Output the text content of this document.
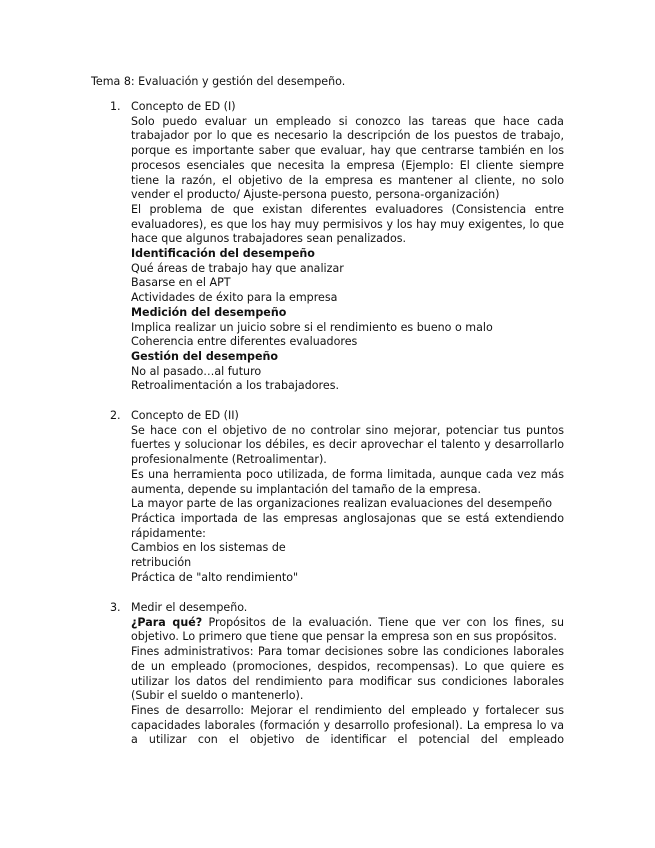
Tema 8: Evaluación y gestión del desempeño.
1. Concepto de ED (I)

Solo puedo evaluar un empleado si conozco las tareas que hace cada trabajador por lo que es necesario la descripción de los puestos de trabajo, porque es importante saber que evaluar, hay que centrarse también en los procesos esenciales que necesita la empresa (Ejemplo: El cliente siempre tiene la razón, el objetivo de la empresa es mantener al cliente, no solo vender el producto/ Ajuste-persona puesto, persona-organización)

El problema de que existan diferentes evaluadores (Consistencia entre evaluadores), es que los hay muy permisivos y los hay muy exigentes, lo que hace que algunos trabajadores sean penalizados.

Identificación del desempeño

Qué áreas de trabajo hay que analizar

Basarse en el APT

Actividades de éxito para la empresa

Medición del desempeño

Implica realizar un juicio sobre si el rendimiento es bueno o malo

Coherencia entre diferentes evaluadores

Gestión del desempeño

No al pasado…al futuro

Retroalimentación a los trabajadores.

2. Concepto de ED (II)

Se hace con el objetivo de no controlar sino mejorar, potenciar tus puntos fuertes y solucionar los débiles, es decir aprovechar el talento y desarrollarlo profesionalmente (Retroalimentar).

Es una herramienta poco utilizada, de forma limitada, aunque cada vez más aumenta, depende su implantación del tamaño de la empresa.

La mayor parte de las organizaciones realizan evaluaciones del desempeño

Práctica importada de las empresas anglosajonas que se está extendiendo rápidamente:

Cambios en los sistemas de

retribución

Práctica de "alto rendimiento"

3. Medir el desempeño.

¿Para qué? Propósitos de la evaluación. Tiene que ver con los fines, su objetivo. Lo primero que tiene que pensar la empresa son en sus propósitos.

Fines administrativos: Para tomar decisiones sobre las condiciones laborales de un empleado (promociones, despidos, recompensas). Lo que quiere es utilizar los datos del rendimiento para modificar sus condiciones laborales (Subir el sueldo o mantenerlo).

Fines de desarrollo: Mejorar el rendimiento del empleado y fortalecer sus capacidades laborales (formación y desarrollo profesional). La empresa lo va a utilizar con el objetivo de identificar el potencial del empleado
